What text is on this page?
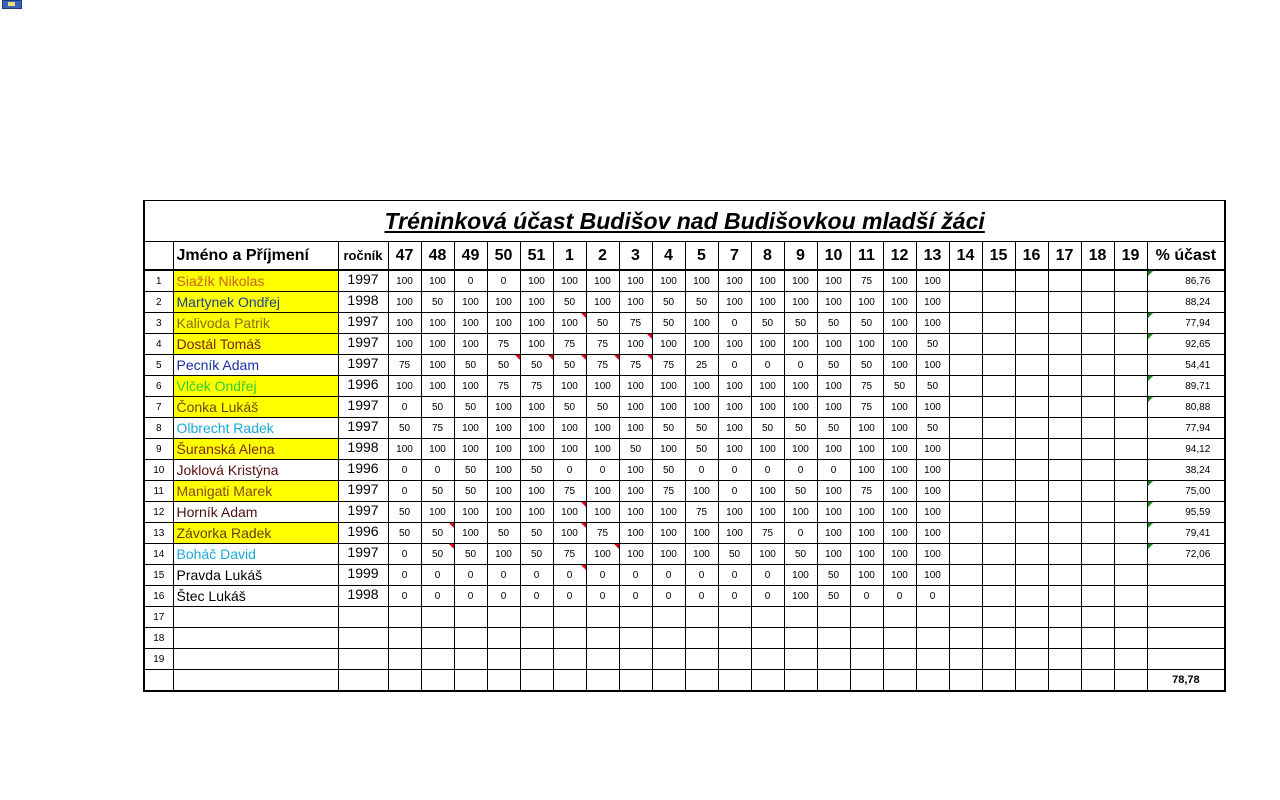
Tréninková účast Budišov nad Budišovkou mladší žáci																										
	Jméno a Příjmení	ročník	47	48	49	50	51	1	2	3	4	5	7	8	9	10	11	12	13	14	15	16	17	18	19	% účast
1	Siažík Nikolas	1997	100	100	0	0	100	100	100	100	100	100	100	100	100	100	75	100	100							86,76
2	Martynek Ondřej	1998	100	50	100	100	100	50	100	100	50	50	100	100	100	100	100	100	100							88,24
3	Kalivoda Patrik	1997	100	100	100	100	100	100	50	75	50	100	0	50	50	50	50	100	100							77,94
4	Dostál Tomáš	1997	100	100	100	75	100	75	75	100	100	100	100	100	100	100	100	100	50							92,65
5	Pecník Adam	1997	75	100	50	50	50	50	75	75	75	25	0	0	0	50	50	100	100							54,41
6	Vlček Ondřej	1996	100	100	100	75	75	100	100	100	100	100	100	100	100	100	75	50	50							89,71
7	Čonka Lukáš	1997	0	50	50	100	100	50	50	100	100	100	100	100	100	100	75	100	100							80,88
8	Olbrecht Radek	1997	50	75	100	100	100	100	100	100	50	50	100	50	50	50	100	100	50							77,94
9	Šuranská Alena	1998	100	100	100	100	100	100	100	50	100	50	100	100	100	100	100	100	100							94,12
10	Joklová Kristýna	1996	0	0	50	100	50	0	0	100	50	0	0	0	0	0	100	100	100							38,24
11	Manigati Marek	1997	0	50	50	100	100	75	100	100	75	100	0	100	50	100	75	100	100							75,00
12	Horník Adam	1997	50	100	100	100	100	100	100	100	100	75	100	100	100	100	100	100	100							95,59
13	Závorka Radek	1996	50	50	100	50	50	100	75	100	100	100	100	75	0	100	100	100	100							79,41
14	Boháč David	1997	0	50	50	100	50	75	100	100	100	100	50	100	50	100	100	100	100							72,06
15	Pravda Lukáš	1999	0	0	0	0	0	0	0	0	0	0	0	0	100	50	100	100	100							
16	Štec Lukáš	1998	0	0	0	0	0	0	0	0	0	0	0	0	100	50	0	0	0							
17																										
18																										
19																										
																										78,78
